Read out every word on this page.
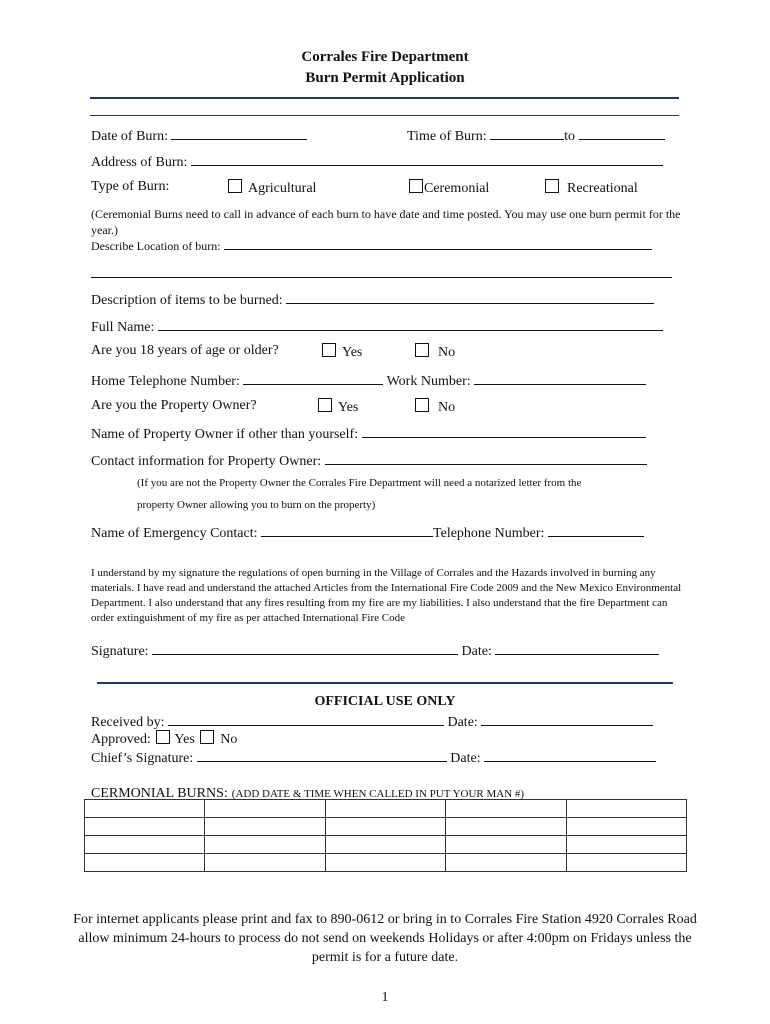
Corrales Fire Department
Burn Permit Application
Date of Burn:	Time of Burn:	to
Address of Burn:
Type of Burn:	Agricultural	Ceremonial	Recreational
(Ceremonial Burns need to call in advance of each burn to have date and time posted. You may use one burn permit for the year.)
Describe Location of burn:
Description of items to be burned:
Full Name:
Are you 18 years of age or older?	Yes	No
Home Telephone Number:	Work Number:
Are you the Property Owner?	Yes	No
Name of Property Owner if other than yourself:
Contact information for Property Owner:
(If you are not the Property Owner the Corrales Fire Department will need a notarized letter from the
property Owner allowing you to burn on the property)
Name of Emergency Contact:	Telephone Number:
I understand by my signature the regulations of open burning in the Village of Corrales and the Hazards involved in burning any materials. I have read and understand the attached Articles from the International Fire Code 2009 and the New Mexico Environmental Department. I also understand that any fires resulting from my fire are my liabilities. I also understand that the fire Department can order extinguishment of my fire as per attached International Fire Code
Signature:	Date:
OFFICIAL USE ONLY
Received by:	Date:
Approved: Yes No
Chief’s Signature:	Date:
CERMONIAL BURNS: (ADD DATE & TIME WHEN CALLED IN PUT YOUR MAN #)

For internet applicants please print and fax to 890-0612 or bring in to Corrales Fire Station 4920 Corrales Road allow minimum 24-hours to process do not send on weekends Holidays or after 4:00pm on Fridays unless the permit is for a future date.
1
